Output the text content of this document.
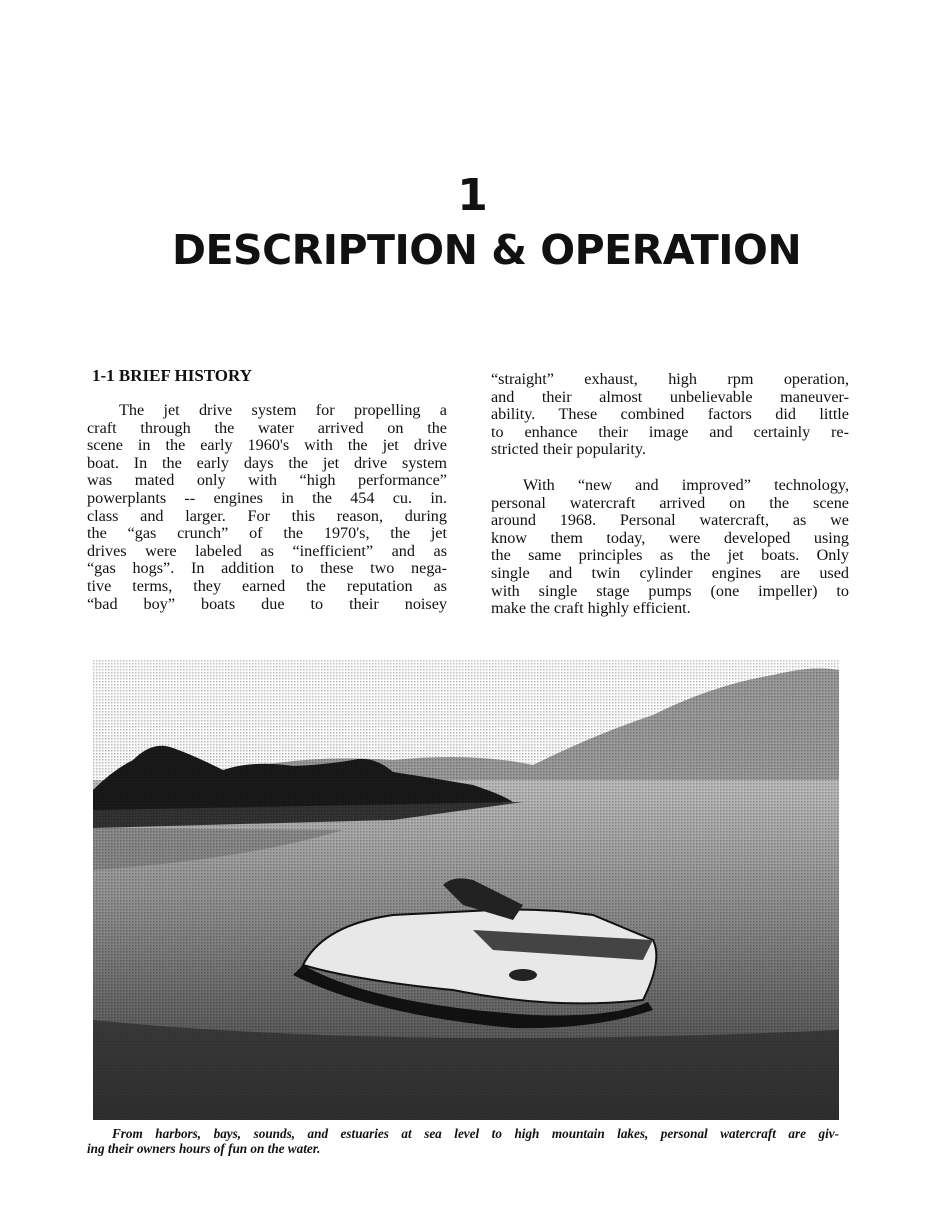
1
DESCRIPTION & OPERATION
1-1 BRIEF HISTORY
The jet drive system for propelling a
craft through the water arrived on the
scene in the early 1960's with the jet drive
boat. In the early days the jet drive system
was mated only with “high performance”
powerplants -- engines in the 454 cu. in.
class and larger. For this reason, during
the “gas crunch” of the 1970's, the jet
drives were labeled as “inefficient” and as
“gas hogs”. In addition to these two nega-
tive terms, they earned the reputation as
“bad boy” boats due to their noisey
“straight” exhaust, high rpm operation,
and their almost unbelievable maneuver-
ability. These combined factors did little
to enhance their image and certainly re-
stricted their popularity.
With “new and improved” technology,
personal watercraft arrived on the scene
around 1968. Personal watercraft, as we
know them today, were developed using
the same principles as the jet boats. Only
single and twin cylinder engines are used
with single stage pumps (one impeller) to
make the craft highly efficient.
From harbors, bays, sounds, and estuaries at sea level to high mountain lakes, personal watercraft are giv-
ing their owners hours of fun on the water.
